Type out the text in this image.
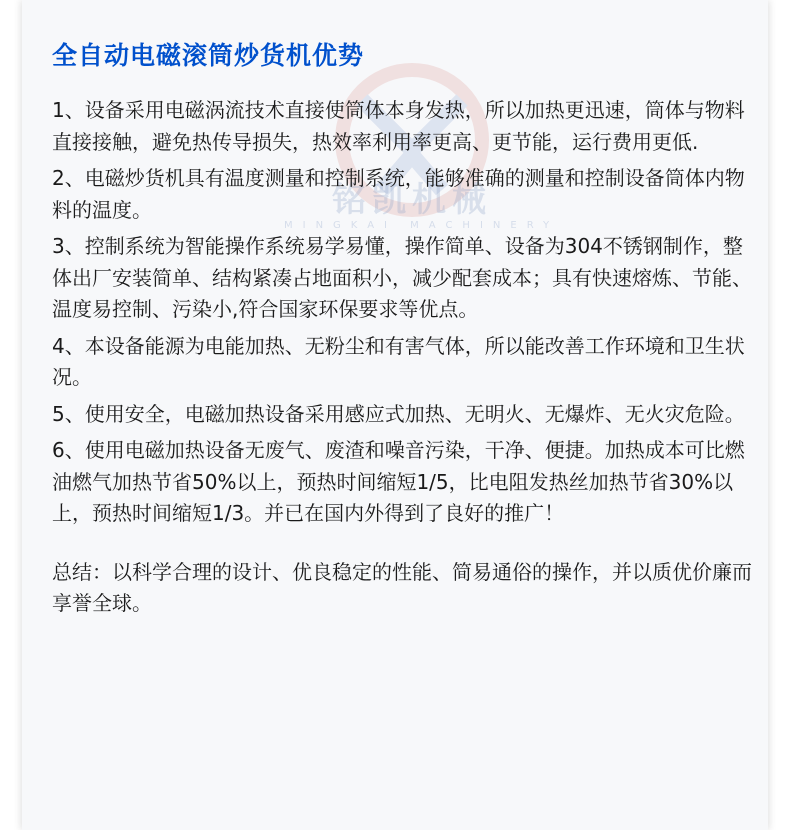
铭凯机械
MINGKAI MACHINERY
全自动电磁滚筒炒货机优势

1、设备采用电磁涡流技术直接使筒体本身发热，所以加热更迅速，筒体与物料直接接触，避免热传导损失，热效率利用率更高、更节能，运行费用更低.

2、电磁炒货机具有温度测量和控制系统，能够准确的测量和控制设备筒体内物料的温度。

3、控制系统为智能操作系统易学易懂，操作简单、设备为304不锈钢制作，整体出厂安装简单、结构紧凑占地面积小，减少配套成本；具有快速熔炼、节能、温度易控制、污染小,符合国家环保要求等优点。

4、本设备能源为电能加热、无粉尘和有害气体，所以能改善工作环境和卫生状况。

5、使用安全，电磁加热设备采用感应式加热、无明火、无爆炸、无火灾危险。

6、使用电磁加热设备无废气、废渣和噪音污染，干净、便捷。加热成本可比燃油燃气加热节省50%以上，预热时间缩短1/5，比电阻发热丝加热节省30%以上，预热时间缩短1/3。并已在国内外得到了良好的推广！

总结：以科学合理的设计、优良稳定的性能、简易通俗的操作，并以质优价廉而享誉全球。
